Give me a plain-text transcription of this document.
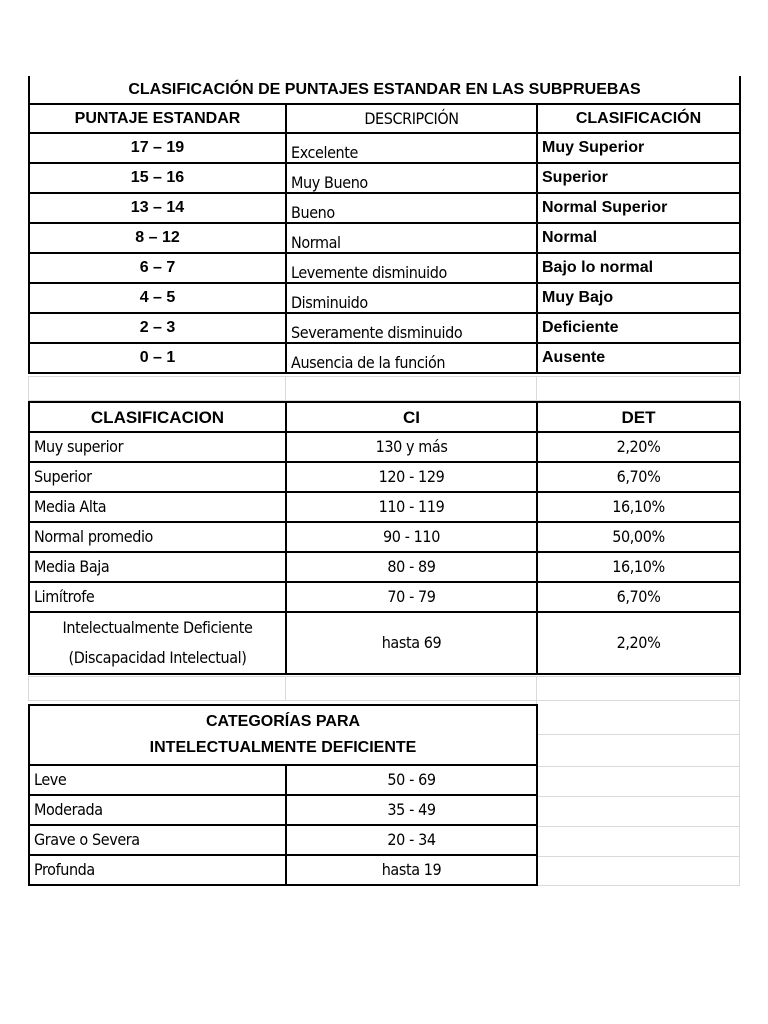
CLASIFICACIÓN DE PUNTAJES ESTANDAR EN LAS SUBPRUEBAS		
PUNTAJE ESTANDAR	DESCRIPCIÓN	CLASIFICACIÓN
17 – 19	Excelente	Muy Superior
15 – 16	Muy Bueno	Superior
13 – 14	Bueno	Normal Superior
8 – 12	Normal	Normal
6 – 7	Levemente disminuido	Bajo lo normal
4 – 5	Disminuido	Muy Bajo
2 – 3	Severamente disminuido	Deficiente
0 – 1	Ausencia de la función	Ausente
CLASIFICACION	CI	DET
Muy superior	130 y más	2,20%
Superior	120 - 129	6,70%
Media Alta	110 - 119	16,10%
Normal promedio	90 - 110	50,00%
Media Baja	80 - 89	16,10%
Limítrofe	70 - 79	6,70%

Intelectualmente Deficiente
(Discapacidad Intelectual)	hasta 69	2,20%
CATEGORÍAS PARA
INTELECTUALMENTE DEFICIENTE	

Leve	50 - 69
Moderada	35 - 49
Grave o Severa	20 - 34
Profunda	hasta 19
